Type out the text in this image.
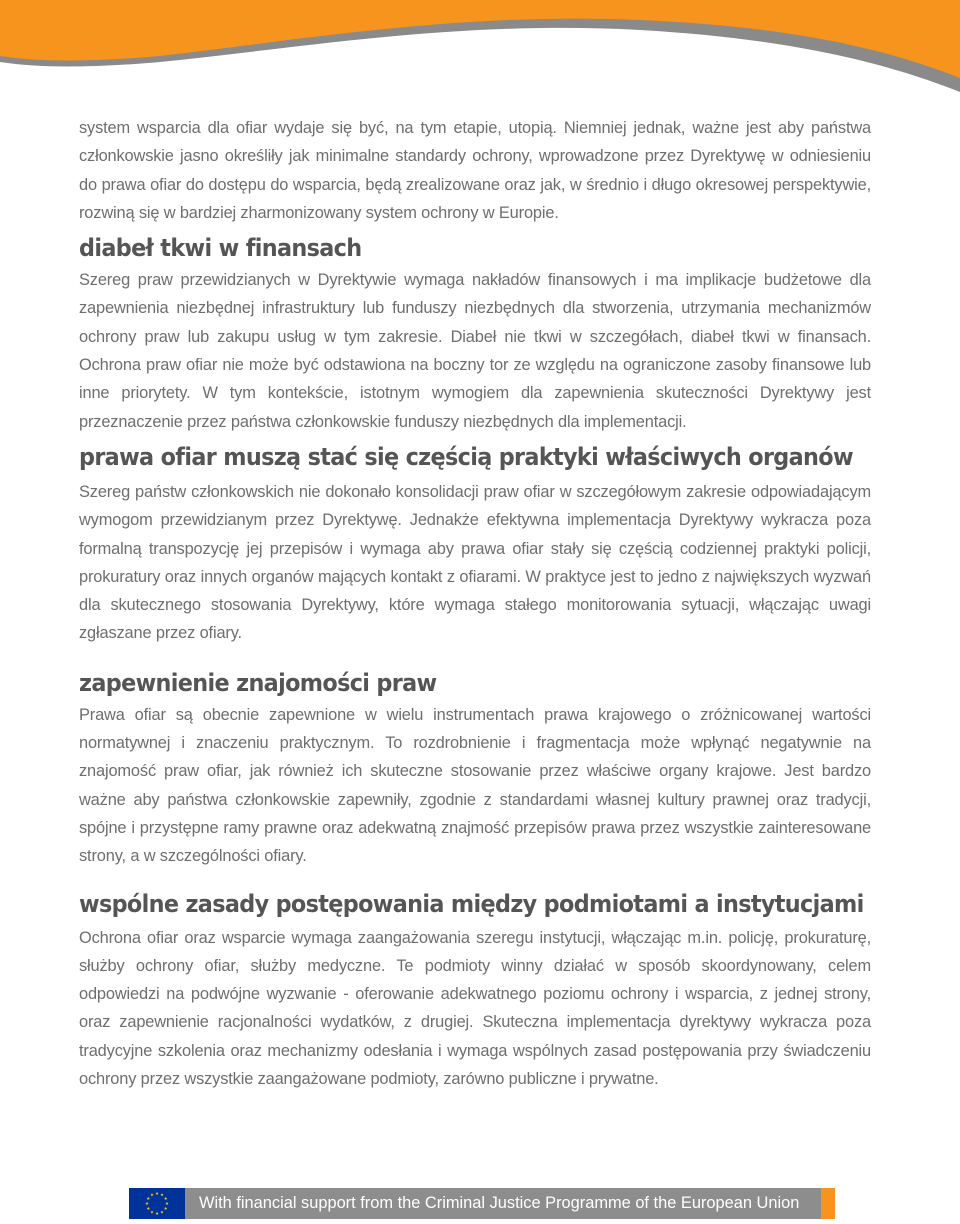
system wsparcia dla ofiar wydaje się być, na tym etapie, utopią. Niemniej jednak, ważne jest aby państwa członkowskie jasno określiły jak minimalne standardy ochrony, wprowadzone przez Dyrektywę w odniesieniu do prawa ofiar do dostępu do wsparcia, będą zrealizowane oraz jak, w średnio i długo okresowej perspektywie, rozwiną się w bardziej zharmonizowany system ochrony w Europie.

diabeł tkwi w finansach

Szereg praw przewidzianych w Dyrektywie wymaga nakładów finansowych i ma implikacje budżetowe dla zapewnienia niezbędnej infrastruktury lub funduszy niezbędnych dla stworzenia, utrzymania mechanizmów ochrony praw lub zakupu usług w tym zakresie. Diabeł nie tkwi w szczegółach, diabeł tkwi w finansach. Ochrona praw ofiar nie może być odstawiona na boczny tor ze względu na ograniczone zasoby finansowe lub inne priorytety. W tym kontekście, istotnym wymogiem dla zapewnienia skuteczności Dyrektywy jest przeznaczenie przez państwa członkowskie funduszy niezbędnych dla implementacji.

prawa ofiar muszą stać się częścią praktyki właściwych organów

Szereg państw członkowskich nie dokonało konsolidacji praw ofiar w szczegółowym zakresie odpowiadającym wymogom przewidzianym przez Dyrektywę. Jednakże efektywna implementacja Dyrektywy wykracza poza formalną transpozycję jej przepisów i wymaga aby prawa ofiar stały się częścią codziennej praktyki policji, prokuratury oraz innych organów mających kontakt z ofiarami. W praktyce jest to jedno z największych wyzwań dla skutecznego stosowania Dyrektywy, które wymaga stałego monitorowania sytuacji, włączając uwagi zgłaszane przez ofiary.

zapewnienie znajomości praw

Prawa ofiar są obecnie zapewnione w wielu instrumentach prawa krajowego o zróżnicowanej wartości normatywnej i znaczeniu praktycznym. To rozdrobnienie i fragmentacja może wpłynąć negatywnie na znajomość praw ofiar, jak również ich skuteczne stosowanie przez właściwe organy krajowe. Jest bardzo ważne aby państwa członkowskie zapewniły, zgodnie z standardami własnej kultury prawnej oraz tradycji, spójne i przystępne ramy prawne oraz adekwatną znajmość przepisów prawa przez wszystkie zainteresowane strony, a w szczególności ofiary.

wspólne zasady postępowania między podmiotami a instytucjami

Ochrona ofiar oraz wsparcie wymaga zaangażowania szeregu instytucji, włączając m.in. policję, prokuraturę, służby ochrony ofiar, służby medyczne. Te podmioty winny działać w sposób skoordynowany, celem odpowiedzi na podwójne wyzwanie - oferowanie adekwatnego poziomu ochrony i wsparcia, z jednej strony, oraz zapewnienie racjonalności wydatków, z drugiej. Skuteczna implementacja dyrektywy wykracza poza tradycyjne szkolenia oraz mechanizmy odesłania i wymaga wspólnych zasad postępowania przy świadczeniu ochrony przez wszystkie zaangażowane podmioty, zarówno publiczne i prywatne.

With financial support from the Criminal Justice Programme of the European Union
